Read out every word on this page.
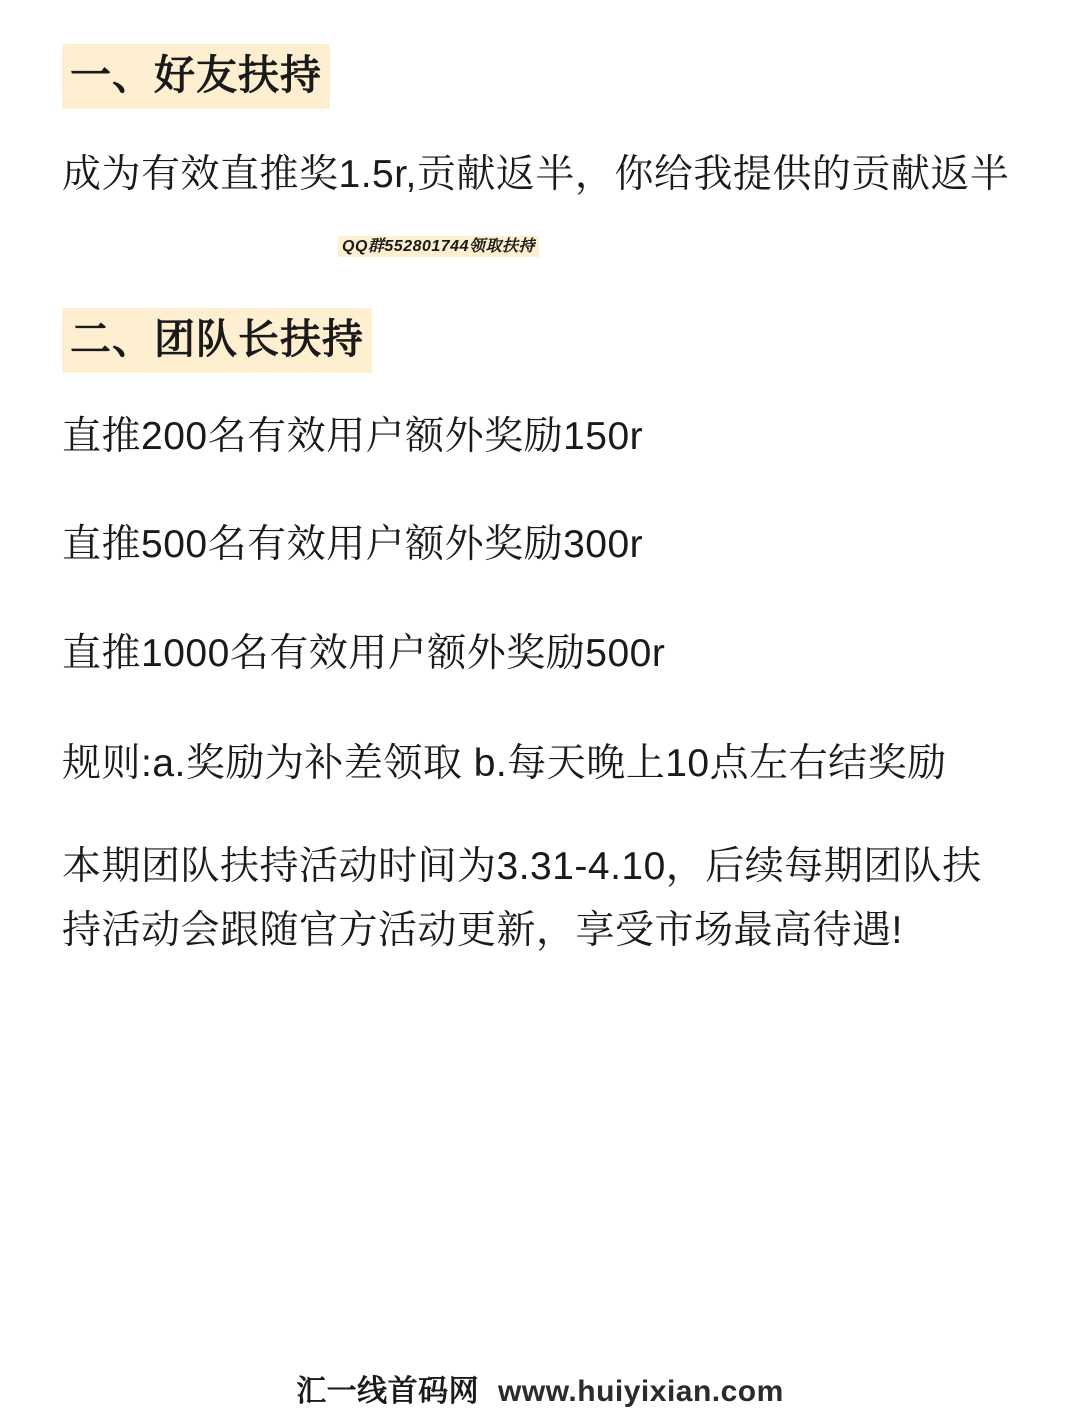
一、好友扶持
成为有效直推奖1.5r,贡献返半，你给我提供的贡献返半
QQ群552801744领取扶持
二、团队长扶持
直推200名有效用户额外奖励150r
直推500名有效用户额外奖励300r
直推1000名有效用户额外奖励500r
规则:a.奖励为补差领取 b.每天晚上10点左右结奖励
本期团队扶持活动时间为3.31-4.10，后续每期团队扶持活动会跟随官方活动更新，享受市场最高待遇!
汇一线首码网 www.huiyixian.com
